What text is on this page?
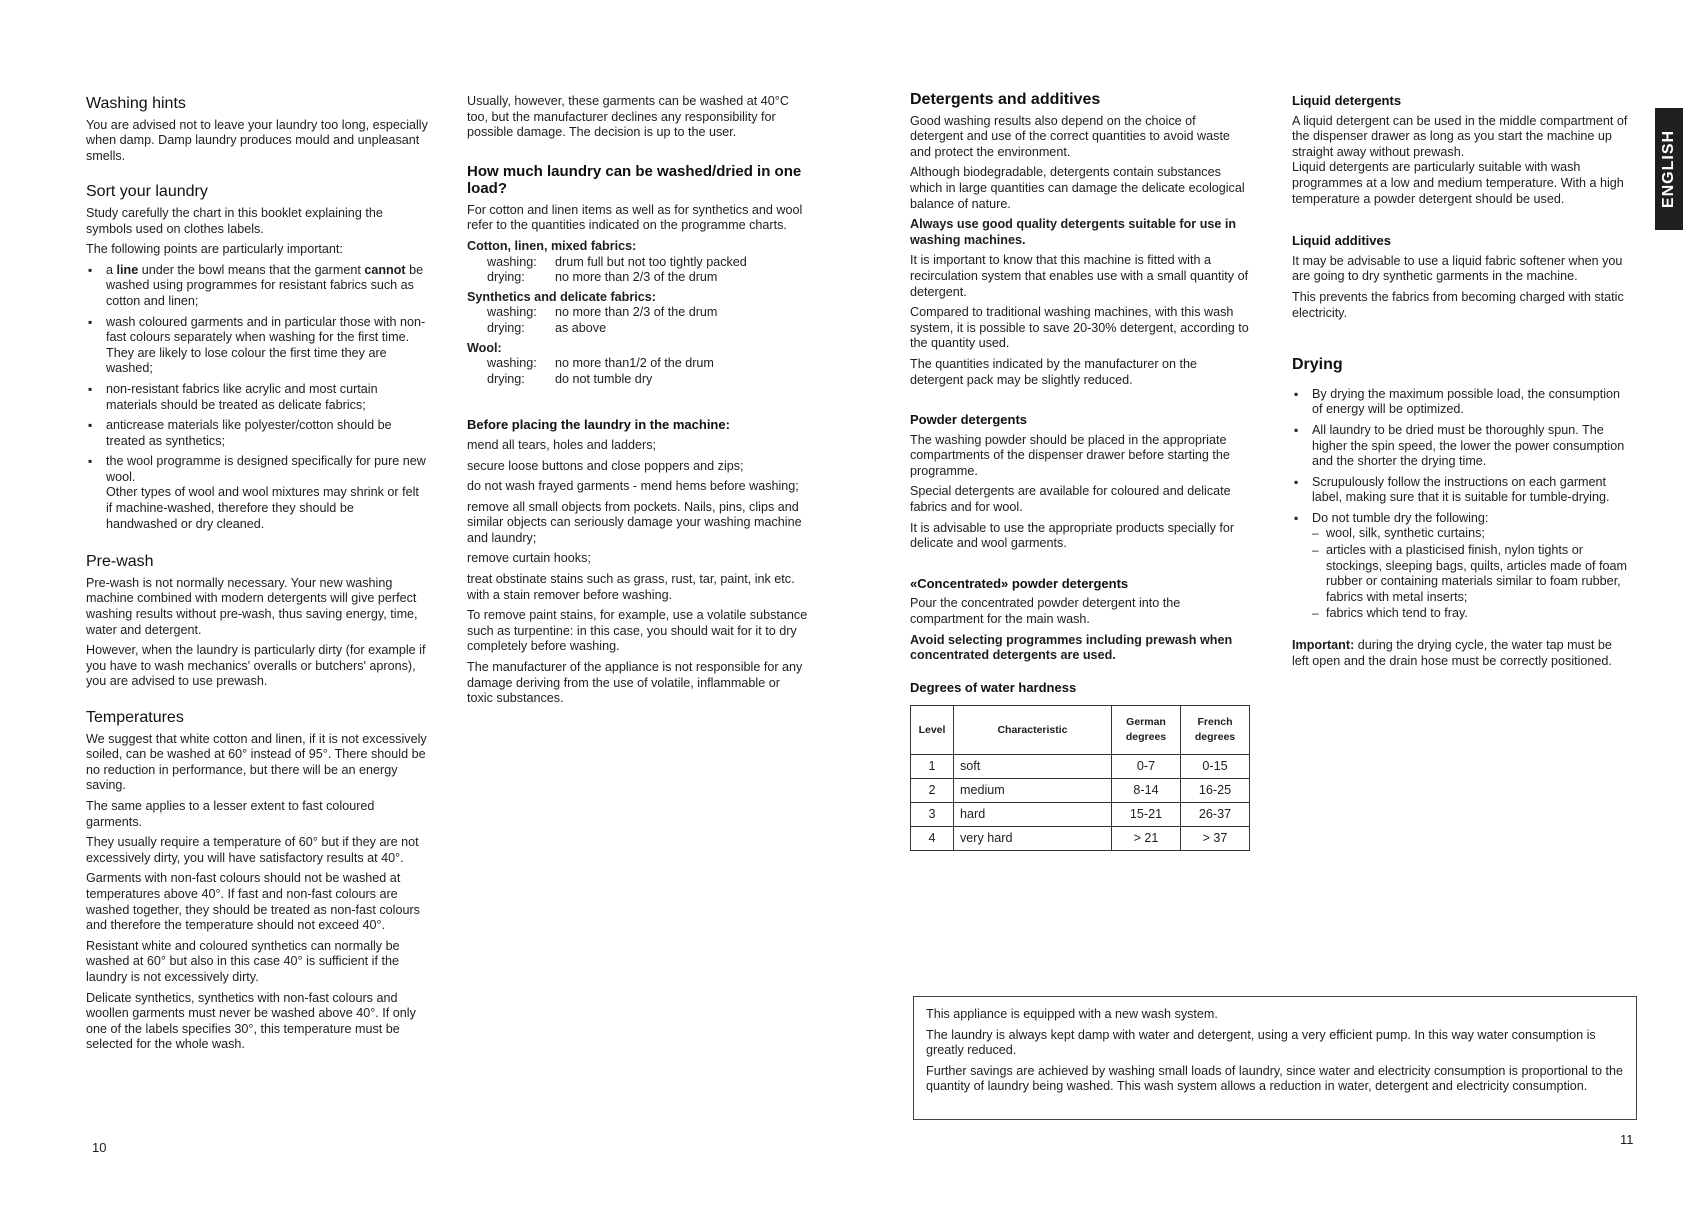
Washing hints

You are advised not to leave your laundry too long, especially when damp. Damp laundry produces mould and unpleasant smells.

Sort your laundry

Study carefully the chart in this booklet explaining the symbols used on clothes labels.

The following points are particularly important:

▪ a line under the bowl means that the garment cannot be washed using programmes for resistant fabrics such as cotton and linen;
▪ wash coloured garments and in particular those with non-fast colours separately when washing for the first time. They are likely to lose colour the first time they are washed;
▪ non-resistant fabrics like acrylic and most curtain materials should be treated as delicate fabrics;
▪ anticrease materials like polyester/cotton should be treated as synthetics;
▪ the wool programme is designed specifically for pure new wool.
Other types of wool and wool mixtures may shrink or felt if machine-washed, therefore they should be handwashed or dry cleaned.
Pre-wash

Pre-wash is not normally necessary. Your new washing machine combined with modern detergents will give perfect washing results without pre-wash, thus saving energy, time, water and detergent.

However, when the laundry is particularly dirty (for example if you have to wash mechanics' overalls or butchers' aprons), you are advised to use prewash.

Temperatures

We suggest that white cotton and linen, if it is not excessively soiled, can be washed at 60° instead of 95°. There should be no reduction in performance, but there will be an energy saving.

The same applies to a lesser extent to fast coloured garments.

They usually require a temperature of 60° but if they are not excessively dirty, you will have satisfactory results at 40°.

Garments with non-fast colours should not be washed at temperatures above 40°. If fast and non-fast colours are washed together, they should be treated as non-fast colours and therefore the temperature should not exceed 40°.

Resistant white and coloured synthetics can normally be washed at 60° but also in this case 40° is sufficient if the laundry is not excessively dirty.

Delicate synthetics, synthetics with non-fast colours and woollen garments must never be washed above 40°. If only one of the labels specifies 30°, this temperature must be selected for the whole wash.

Usually, however, these garments can be washed at 40°C too, but the manufacturer declines any responsibility for possible damage. The decision is up to the user.

How much laundry can be washed/dried in one load?

For cotton and linen items as well as for synthetics and wool refer to the quantities indicated on the programme charts.

Cotton, linen, mixed fabrics:
washing:	drum full but not too tightly packed
drying:	no more than 2/3 of the drum
Synthetics and delicate fabrics:
washing:	no more than 2/3 of the drum
drying:	as above
Wool:
washing:	no more than1/2 of the drum
drying:	do not tumble dry
Before placing the laundry in the machine:

mend all tears, holes and ladders;

secure loose buttons and close poppers and zips;

do not wash frayed garments - mend hems before washing;

remove all small objects from pockets. Nails, pins, clips and similar objects can seriously damage your washing machine and laundry;

remove curtain hooks;

treat obstinate stains such as grass, rust, tar, paint, ink etc. with a stain remover before washing.

To remove paint stains, for example, use a volatile substance such as turpentine: in this case, you should wait for it to dry completely before washing.

The manufacturer of the appliance is not responsible for any damage deriving from the use of volatile, inflammable or toxic substances.

Detergents and additives

Good washing results also depend on the choice of detergent and use of the correct quantities to avoid waste and protect the environment.

Although biodegradable, detergents contain substances which in large quantities can damage the delicate ecological balance of nature.

Always use good quality detergents suitable for use in washing machines.

It is important to know that this machine is fitted with a recirculation system that enables use with a small quantity of detergent.

Compared to traditional washing machines, with this wash system, it is possible to save 20-30% detergent, according to the quantity used.

The quantities indicated by the manufacturer on the detergent pack may be slightly reduced.

Powder detergents

The washing powder should be placed in the appropriate compartments of the dispenser drawer before starting the programme.

Special detergents are available for coloured and delicate fabrics and for wool.

It is advisable to use the appropriate products specially for delicate and wool garments.

«Concentrated» powder detergents

Pour the concentrated powder detergent into the compartment for the main wash.

Avoid selecting programmes including prewash when concentrated detergents are used.

Degrees of water hardness
Level	Characteristic	German degrees	French degrees
1	soft	0-7	0-15
2	medium	8-14	16-25
3	hard	15-21	26-37
4	very hard	> 21	> 37
Liquid detergents

A liquid detergent can be used in the middle compartment of the dispenser drawer as long as you start the machine up straight away without prewash.

Liquid detergents are particularly suitable with wash programmes at a low and medium temperature. With a high temperature a powder detergent should be used.

Liquid additives

It may be advisable to use a liquid fabric softener when you are going to dry synthetic garments in the machine.

This prevents the fabrics from becoming charged with static electricity.

Drying
▪ By drying the maximum possible load, the consumption of energy will be optimized.
▪ All laundry to be dried must be thoroughly spun. The higher the spin speed, the lower the power consumption and the shorter the drying time.
▪ Scrupulously follow the instructions on each garment label, making sure that it is suitable for tumble-drying.
▪ Do not tumble dry the following:
– wool, silk, synthetic curtains;
– articles with a plasticised finish, nylon tights or stockings, sleeping bags, quilts, articles made of foam rubber or containing materials similar to foam rubber, fabrics with metal inserts;
– fabrics which tend to fray.

Important: during the drying cycle, the water tap must be left open and the drain hose must be correctly positioned.

ENGLISH

This appliance is equipped with a new wash system.

The laundry is always kept damp with water and detergent, using a very efficient pump. In this way water consumption is greatly reduced.

Further savings are achieved by washing small loads of laundry, since water and electricity consumption is proportional to the quantity of laundry being washed. This wash system allows a reduction in water, detergent and electricity consumption.

10
11
